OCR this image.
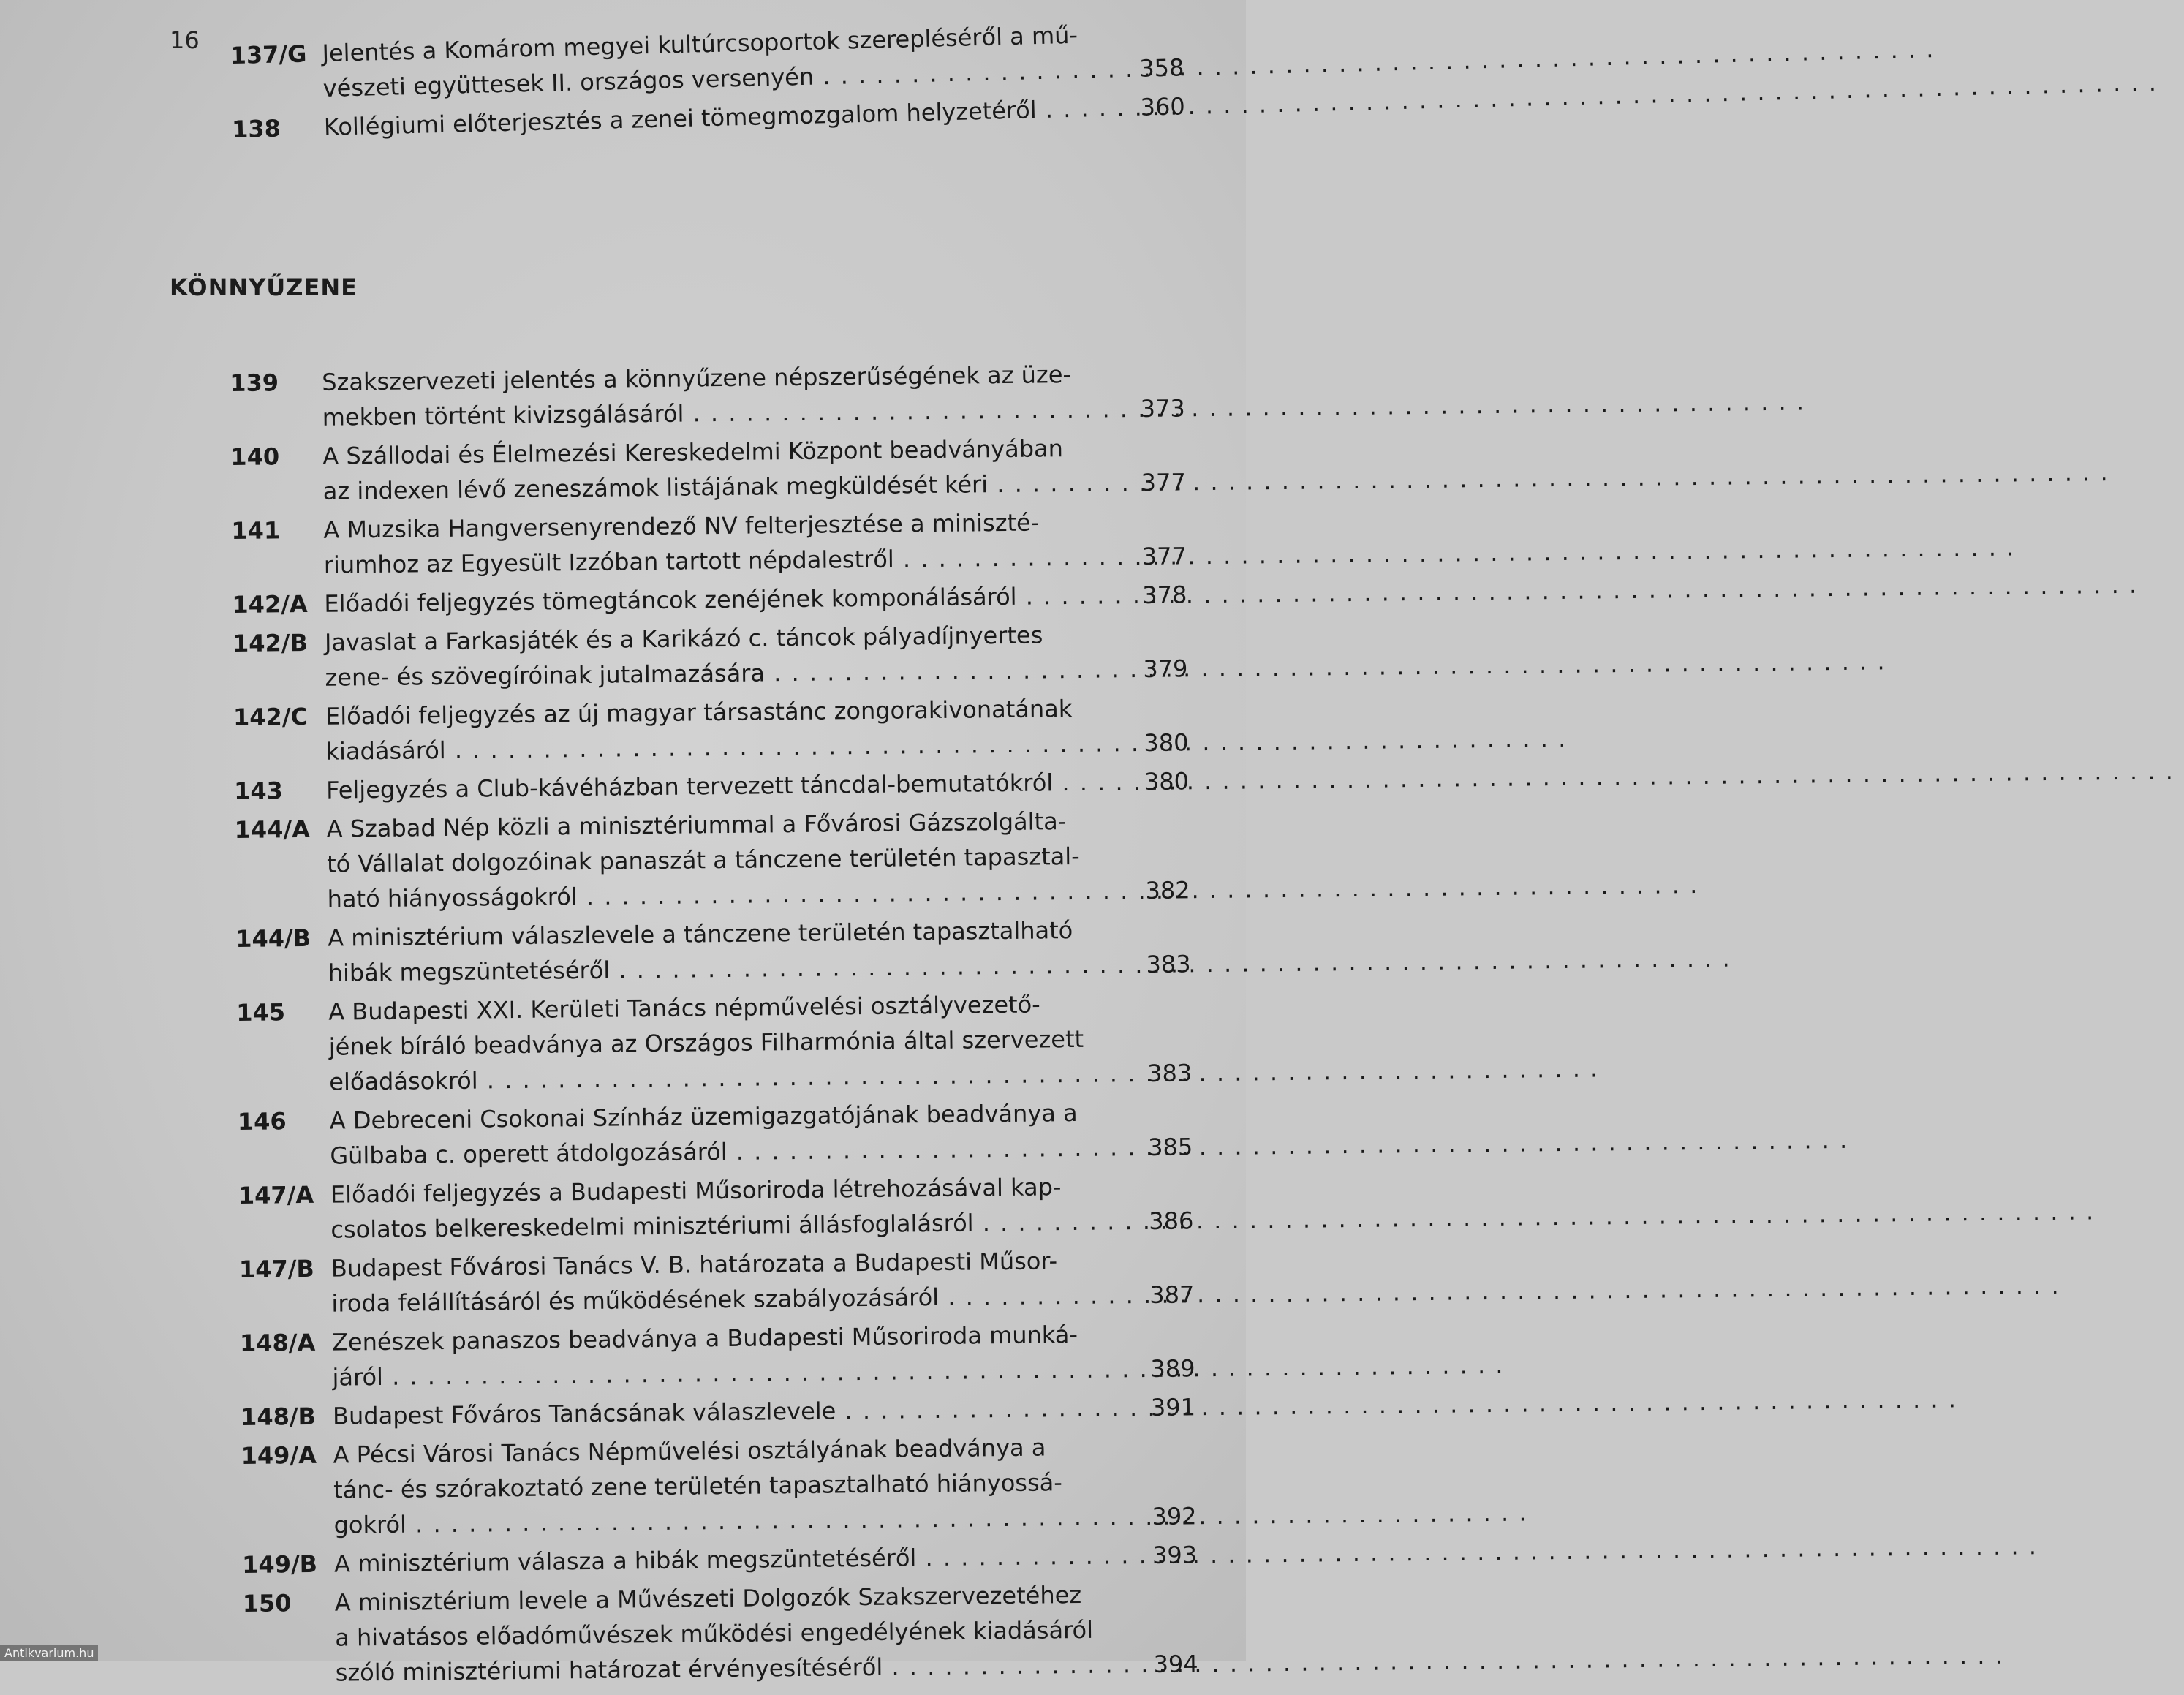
16 137/G Jelentés a Komárom megyei kultúrcsoportok szerepléséről a mű-
vészeti együttesek II. országos versenyén . . .	358
138 Kollégiumi előterjesztés a zenei tömegmozgalom helyzetéről . . .	360
KÖNNYŰZENE
139 Szakszervezeti jelentés a könnyűzene népszerűségének az üze-
mekben történt kivizsgálásáról . . .	373
140 A Szállodai és Élelmezési Kereskedelmi Központ beadványában
az indexen lévő zeneszámok listájának megküldését kéri . . .	377
141 A Muzsika Hangversenyrendező NV felterjesztése a miniszté-
riumhoz az Egyesült Izzóban tartott népdalestről . . .	377
142/A Előadói feljegyzés tömegtáncok zenéjének komponálásáról . . .	378
142/B Javaslat a Farkasjáték és a Karikázó c. táncok pályadíjnyertes
zene- és szövegíróinak jutalmazására . . .	379
142/C Előadói feljegyzés az új magyar társastánc zongorakivonatának
kiadásáról . . .	380
143 Feljegyzés a Club-kávéházban tervezett táncdal-bemutatókról . . .	380
144/A A Szabad Nép közli a minisztériummal a Fővárosi Gázszolgálta-
tó Vállalat dolgozóinak panaszát a tánczene területén tapasztal-
ható hiányosságokról . . .	382
144/B A minisztérium válaszlevele a tánczene területén tapasztalható
hibák megszüntetéséről . . .	383
145 A Budapesti XXI. Kerületi Tanács népművelési osztályvezető-
jének bíráló beadványa az Országos Filharmónia által szervezett
előadásokról . . .	383
146 A Debreceni Csokonai Színház üzemigazgatójának beadványa a
Gülbaba c. operett átdolgozásáról . . .	385
147/A Előadói feljegyzés a Budapesti Műsoriroda létrehozásával kap-
csolatos belkereskedelmi minisztériumi állásfoglalásról . . .	386
147/B Budapest Fővárosi Tanács V. B. határozata a Budapesti Műsor-
iroda felállításáról és működésének szabályozásáról . . .	387
148/A Zenészek panaszos beadványa a Budapesti Műsoriroda munká-
járól . . .	389
148/B Budapest Főváros Tanácsának válaszlevele . . .	391
149/A A Pécsi Városi Tanács Népművelési osztályának beadványa a
tánc- és szórakoztató zene területén tapasztalható hiányossá-
gokról . . .	392
149/B A minisztérium válasza a hibák megszüntetéséről . . .	393
150 A minisztérium levele a Művészeti Dolgozók Szakszervezetéhez
a hivatásos előadóművészek működési engedélyének kiadásáról
szóló minisztériumi határozat érvényesítéséről . . .	394
Antikvarium.hu
